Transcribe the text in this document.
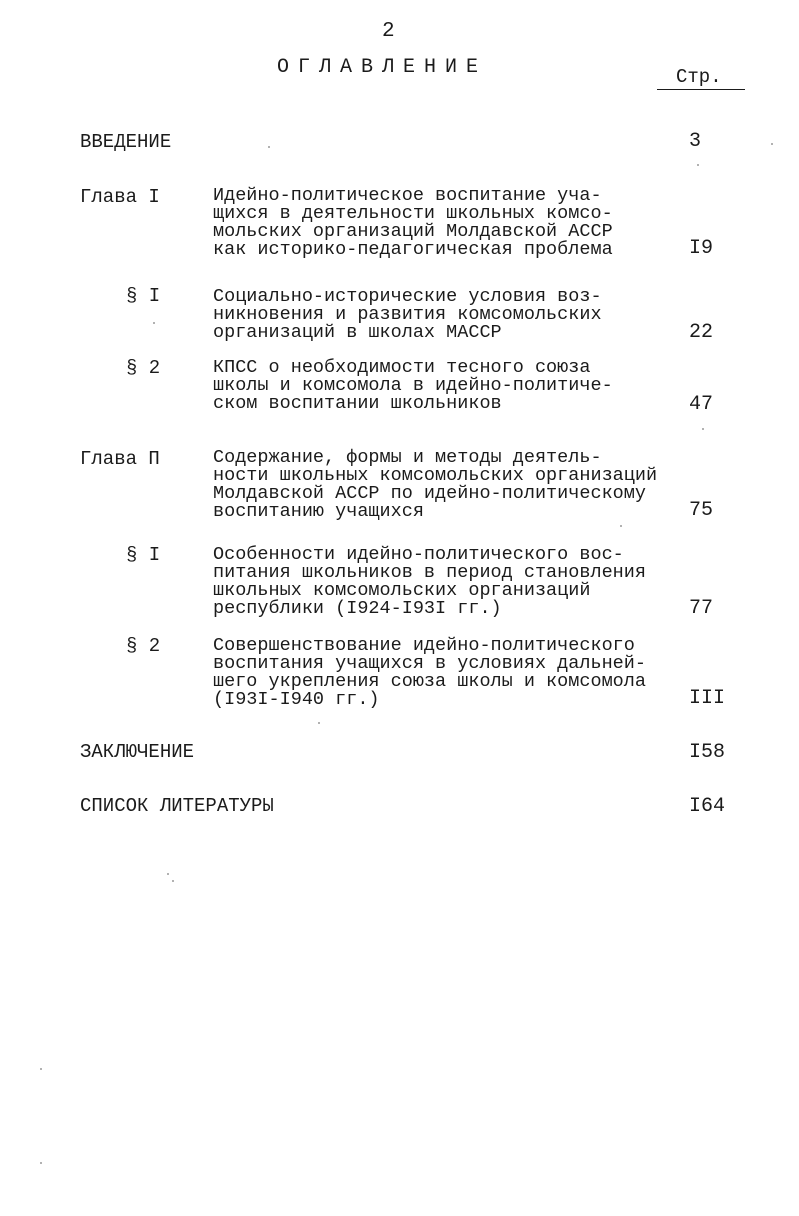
2
ОГЛАВЛЕНИЕ	Стр.
ВВЕДЕНИЕ	3
Глава I	Идейно-политическое воспитание уча-
щихся в деятельности школьных комсо-
мольских организаций Молдавской АССР
как историко-педагогическая проблема	I9
§ I	Социально-исторические условия воз-
никновения и развития комсомольских
организаций в школах МАССР	22
§ 2	КПСС о необходимости тесного союза
школы и комсомола в идейно-политиче-
ском воспитании школьников	47
Глава П	Содержание, формы и методы деятель-
ности школьных комсомольских организаций
Молдавской АССР по идейно-политическому
воспитанию учащихся	75
§ I	Особенности идейно-политического вос-
питания школьников в период становления
школьных комсомольских организаций
республики (I924-I93I гг.)	77
§ 2	Совершенствование идейно-политического
воспитания учащихся в условиях дальней-
шего укрепления союза школы и комсомола
(I93I-I940 гг.)	III
ЗАКЛЮЧЕНИЕ	I58
СПИСОК ЛИТЕРАТУРЫ	I64
